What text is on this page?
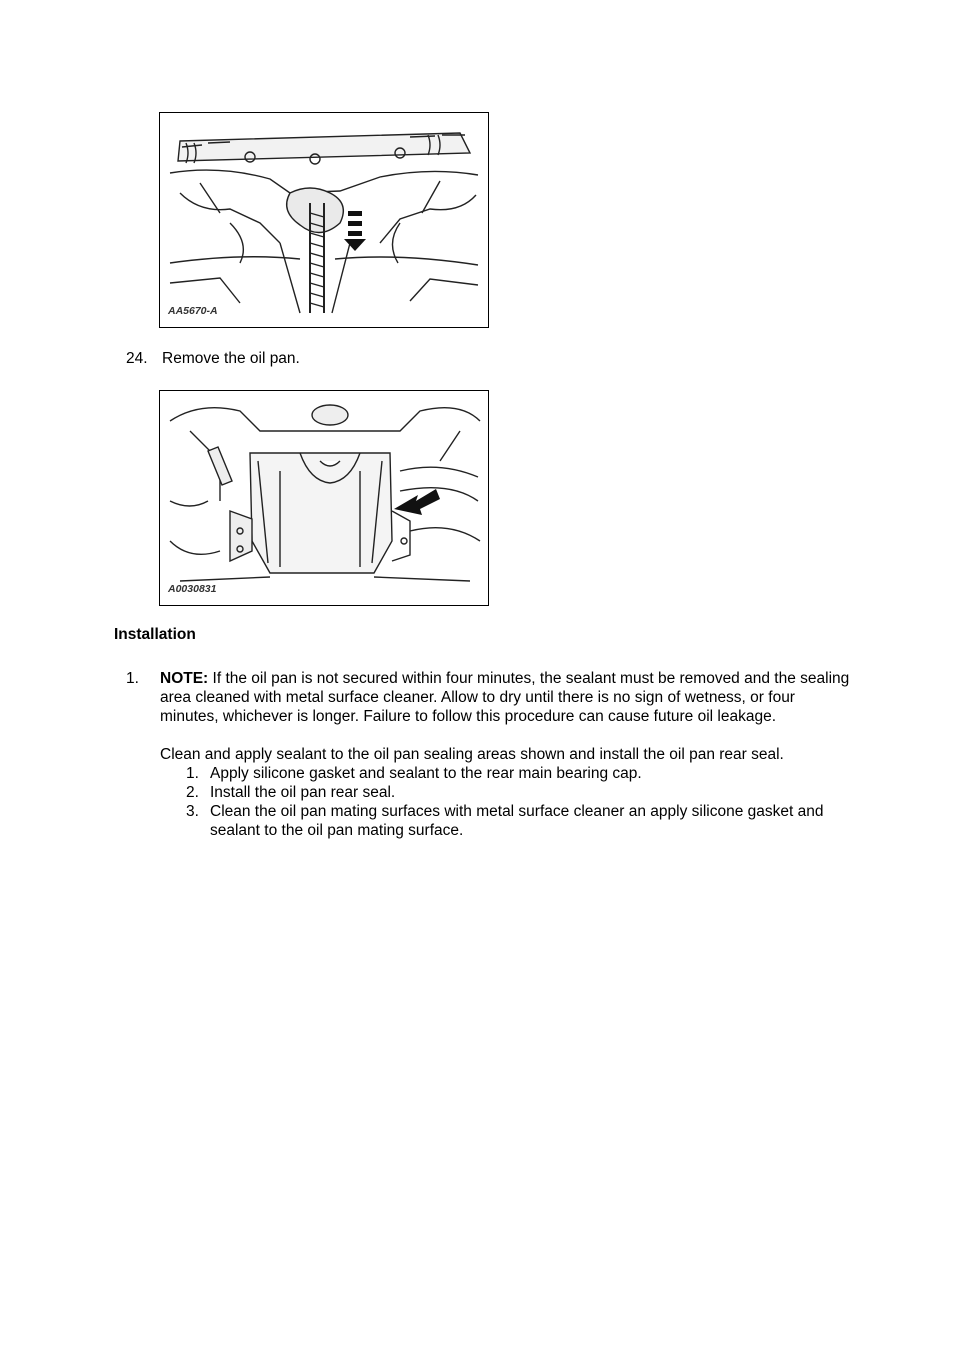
AA5670-A
24. Remove the oil pan.
A0030831
Installation
1.	NOTE: If the oil pan is not secured within four minutes, the sealant must be removed and the sealing area cleaned with metal surface cleaner. Allow to dry until there is no sign of wetness, or four minutes, whichever is longer. Failure to follow this procedure can cause future oil leakage.

Clean and apply sealant to the oil pan sealing areas shown and install the oil pan rear seal.

1. Apply silicone gasket and sealant to the rear main bearing cap.
2. Install the oil pan rear seal.
3. Clean the oil pan mating surfaces with metal surface cleaner an apply silicone gasket and sealant to the oil pan mating surface.
